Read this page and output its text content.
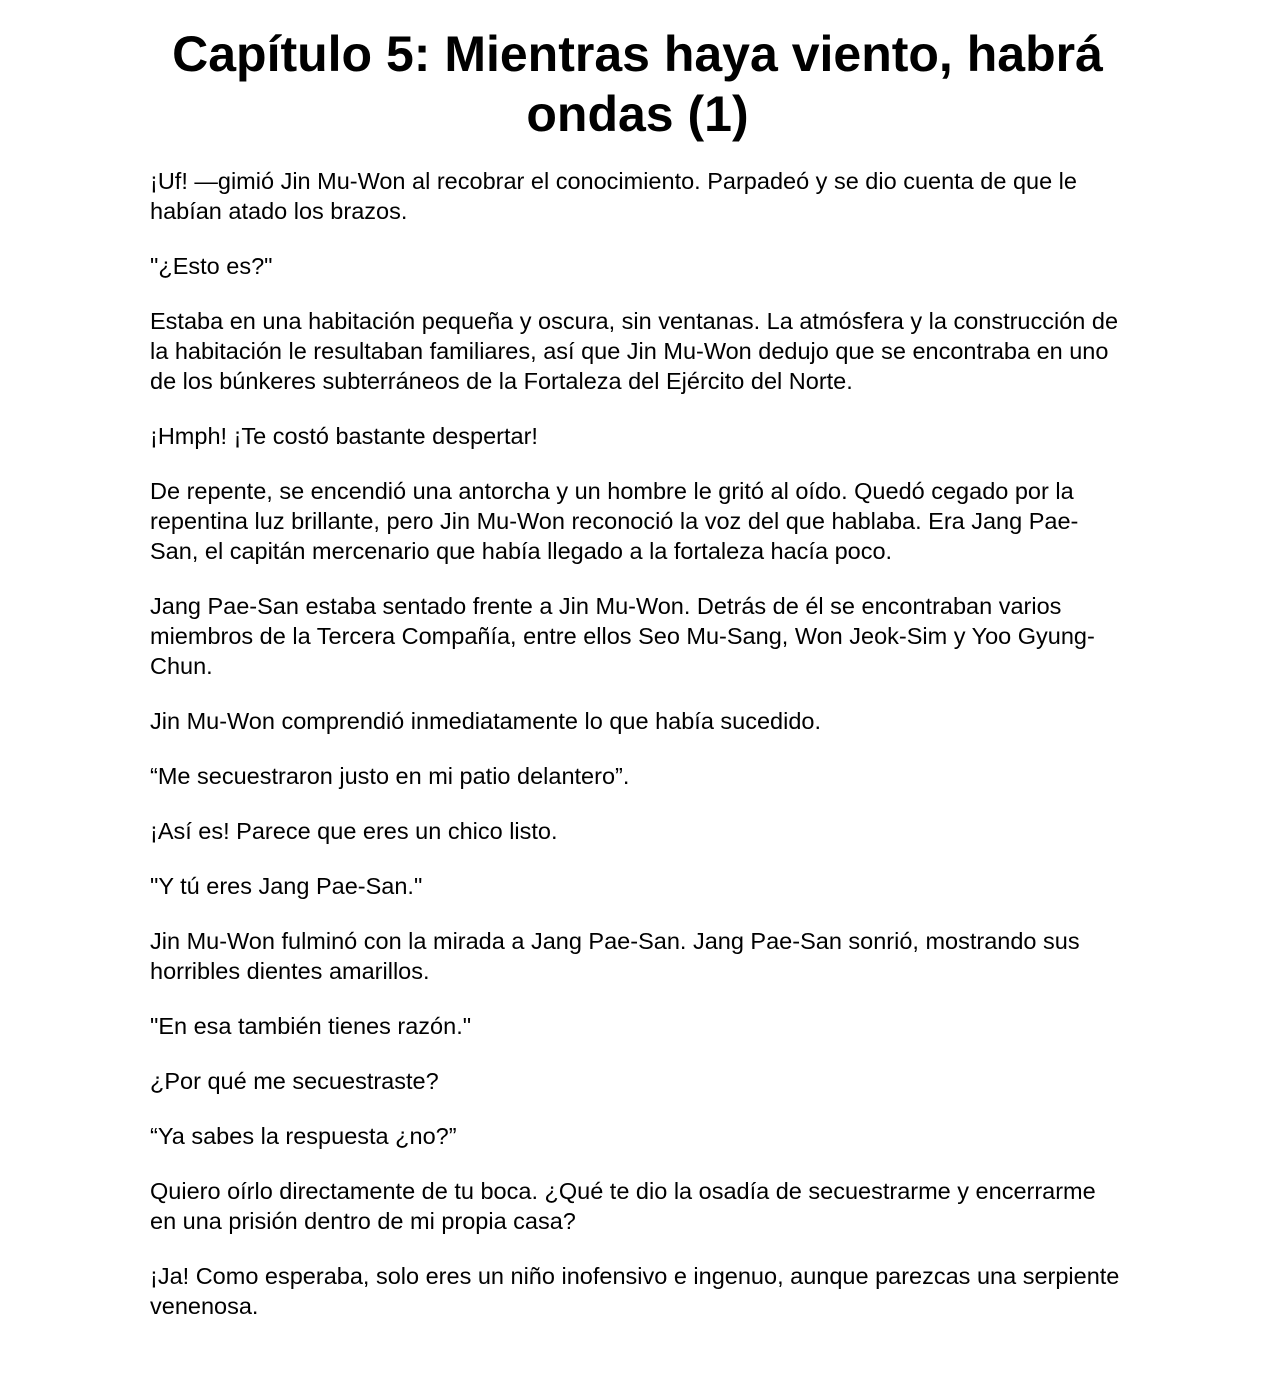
Capítulo 5: Mientras haya viento, habrá ondas (1)

¡Uf! —gimió Jin Mu-Won al recobrar el conocimiento. Parpadeó y se dio cuenta de que le habían atado los brazos.

"¿Esto es?"

Estaba en una habitación pequeña y oscura, sin ventanas. La atmósfera y la construcción de la habitación le resultaban familiares, así que Jin Mu-Won dedujo que se encontraba en uno de los búnkeres subterráneos de la Fortaleza del Ejército del Norte.

¡Hmph! ¡Te costó bastante despertar!

De repente, se encendió una antorcha y un hombre le gritó al oído. Quedó cegado por la repentina luz brillante, pero Jin Mu-Won reconoció la voz del que hablaba. Era Jang Pae-San, el capitán mercenario que había llegado a la fortaleza hacía poco.

Jang Pae-San estaba sentado frente a Jin Mu-Won. Detrás de él se encontraban varios miembros de la Tercera Compañía, entre ellos Seo Mu-Sang, Won Jeok-Sim y Yoo Gyung-Chun.

Jin Mu-Won comprendió inmediatamente lo que había sucedido.

“Me secuestraron justo en mi patio delantero”.

¡Así es! Parece que eres un chico listo.

"Y tú eres Jang Pae-San."

Jin Mu-Won fulminó con la mirada a Jang Pae-San. Jang Pae-San sonrió, mostrando sus horribles dientes amarillos.

"En esa también tienes razón."

¿Por qué me secuestraste?

“Ya sabes la respuesta ¿no?”

Quiero oírlo directamente de tu boca. ¿Qué te dio la osadía de secuestrarme y encerrarme en una prisión dentro de mi propia casa?

¡Ja! Como esperaba, solo eres un niño inofensivo e ingenuo, aunque parezcas una serpiente venenosa.
